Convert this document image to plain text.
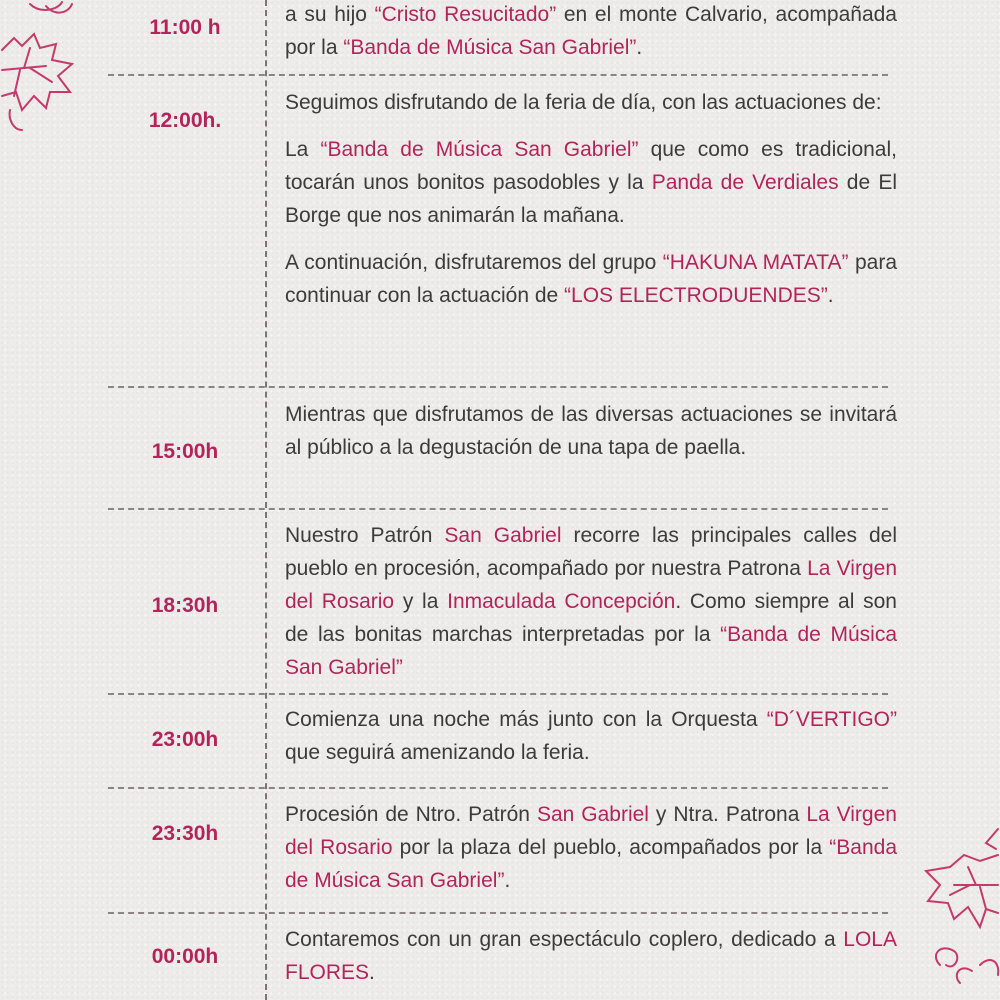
11:00 h

a su hijo “Cristo Resucitado” en el monte Calvario, acompañada por la “Banda de Música San Gabriel”.

12:00h.

Seguimos disfrutando de la feria de día, con las actuaciones de:

La “Banda de Música San Gabriel” que como es tradicional, tocarán unos bonitos pasodobles y la Panda de Verdiales de El Borge que nos animarán la mañana.

A continuación, disfrutaremos del grupo “HAKUNA MATATA” para continuar con la actuación de “LOS ELECTRODUENDES”.

15:00h

Mientras que disfrutamos de las diversas actuaciones se invitará al público a la degustación de una tapa de paella.

18:30h

Nuestro Patrón San Gabriel recorre las principales calles del pueblo en procesión, acompañado por nuestra Patrona La Virgen del Rosario y la Inmaculada Concepción. Como siempre al son de las bonitas marchas interpretadas por la “Banda de Música San Gabriel”

23:00h

Comienza una noche más junto con la Orquesta “D´VERTIGO” que seguirá amenizando la feria.

23:30h

Procesión de Ntro. Patrón San Gabriel y Ntra. Patrona La Virgen del Rosario por la plaza del pueblo, acompañados por la “Banda de Música San Gabriel”.

00:00h

Contaremos con un gran espectáculo coplero, dedicado a LOLA FLORES.
